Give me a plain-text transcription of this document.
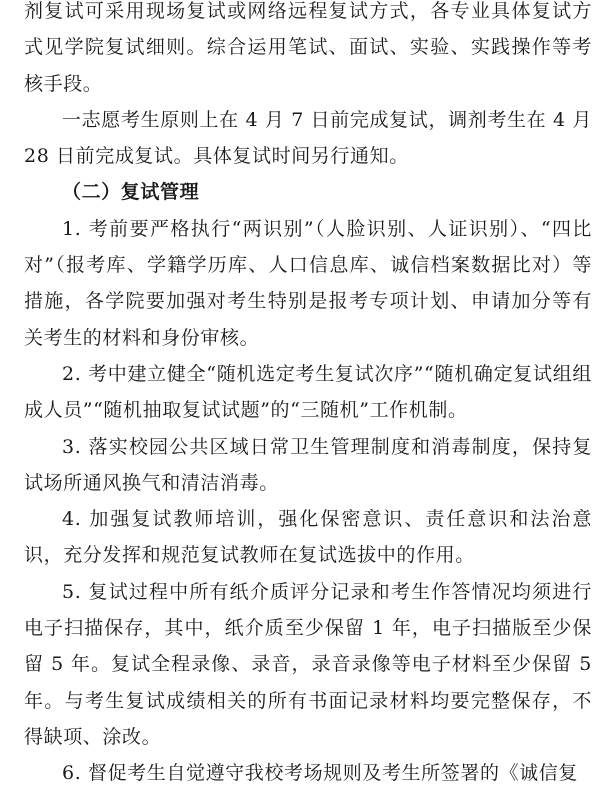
剂复试可采用现场复试或网络远程复试方式，各专业具体复试方式见学院复试细则。综合运用笔试、面试、实验、实践操作等考核手段。

一志愿考生原则上在 4 月 7 日前完成复试，调剂考生在 4 月 28 日前完成复试。具体复试时间另行通知。

（二）复试管理

1. 考前要严格执行“两识别”（人脸识别、人证识别）、“四比对”（报考库、学籍学历库、人口信息库、诚信档案数据比对）等措施，各学院要加强对考生特别是报考专项计划、申请加分等有关考生的材料和身份审核。

2. 考中建立健全“随机选定考生复试次序”“随机确定复试组组成人员”“随机抽取复试试题”的“三随机”工作机制。

3. 落实校园公共区域日常卫生管理制度和消毒制度，保持复试场所通风换气和清洁消毒。

4. 加强复试教师培训，强化保密意识、责任意识和法治意识，充分发挥和规范复试教师在复试选拔中的作用。

5. 复试过程中所有纸介质评分记录和考生作答情况均须进行电子扫描保存，其中，纸介质至少保留 1 年，电子扫描版至少保留 5 年。复试全程录像、录音，录音录像等电子材料至少保留 5 年。与考生复试成绩相关的所有书面记录材料均要完整保存，不得缺项、涂改。

6. 督促考生自觉遵守我校考场规则及考生所签署的《诚信复
